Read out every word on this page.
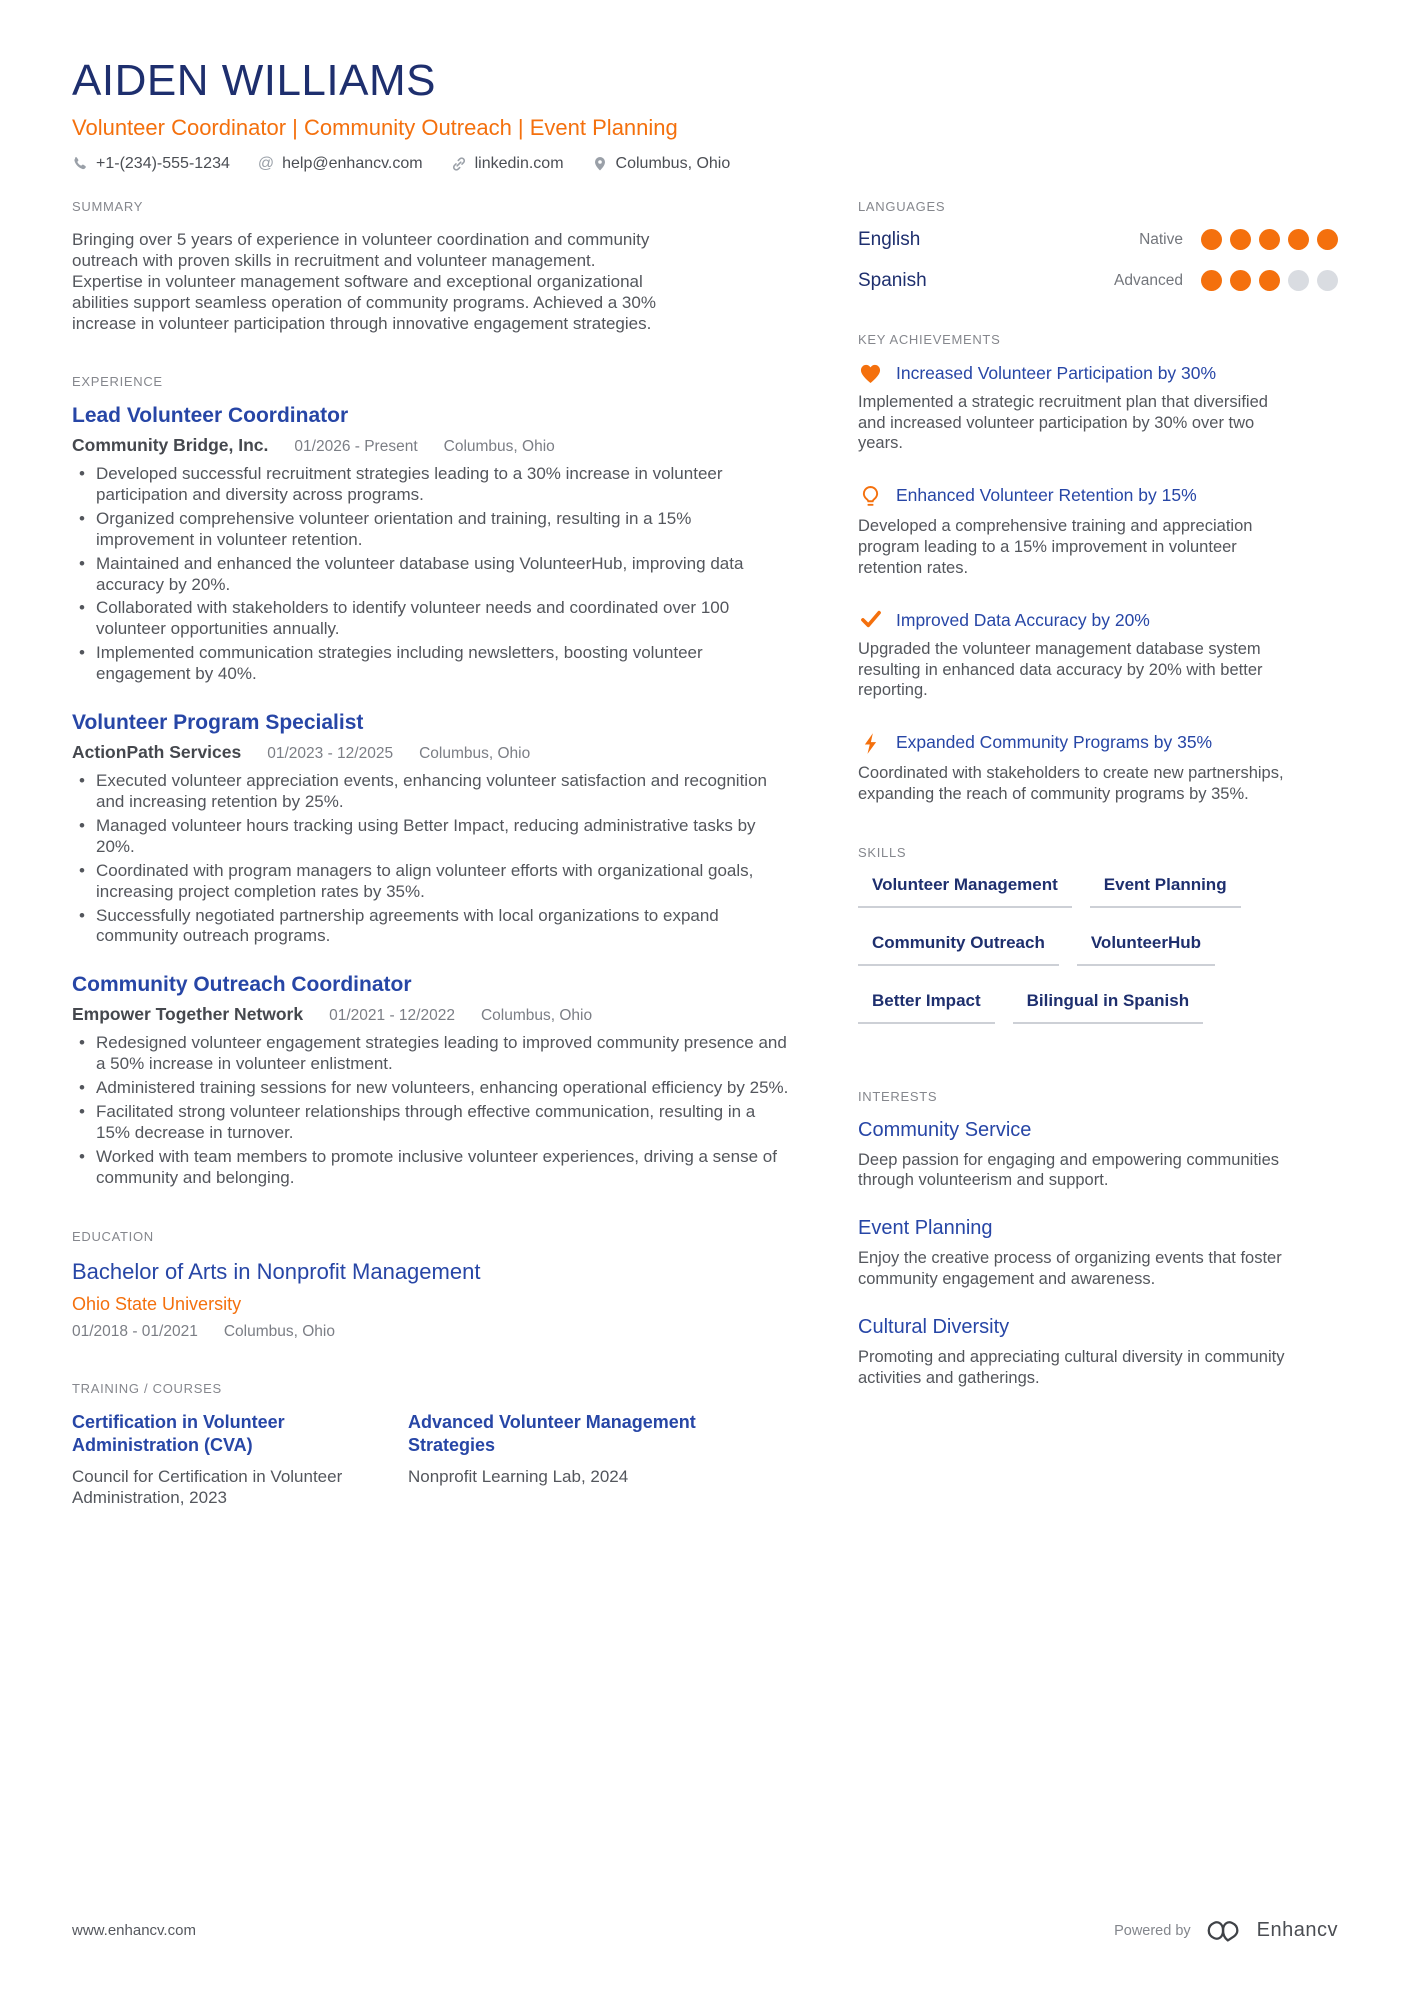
AIDEN WILLIAMS
Volunteer Coordinator | Community Outreach | Event Planning
+1-(234)-555-1234 @ help@enhancv.com	linkedin.com	Columbus, Ohio
SUMMARY

Bringing over 5 years of experience in volunteer coordination and community outreach with proven skills in recruitment and volunteer management. Expertise in volunteer management software and exceptional organizational abilities support seamless operation of community programs. Achieved a 30% increase in volunteer participation through innovative engagement strategies.

EXPERIENCE
Lead Volunteer Coordinator
Community Bridge, Inc. 01/2026 - Present Columbus, Ohio
• Developed successful recruitment strategies leading to a 30% increase in volunteer participation and diversity across programs.
• Organized comprehensive volunteer orientation and training, resulting in a 15% improvement in volunteer retention.
• Maintained and enhanced the volunteer database using VolunteerHub, improving data accuracy by 20%.
• Collaborated with stakeholders to identify volunteer needs and coordinated over 100 volunteer opportunities annually.
• Implemented communication strategies including newsletters, boosting volunteer engagement by 40%.
Volunteer Program Specialist
ActionPath Services 01/2023 - 12/2025 Columbus, Ohio
• Executed volunteer appreciation events, enhancing volunteer satisfaction and recognition and increasing retention by 25%.
• Managed volunteer hours tracking using Better Impact, reducing administrative tasks by 20%.
• Coordinated with program managers to align volunteer efforts with organizational goals, increasing project completion rates by 35%.
• Successfully negotiated partnership agreements with local organizations to expand community outreach programs.
Community Outreach Coordinator
Empower Together Network 01/2021 - 12/2022 Columbus, Ohio
• Redesigned volunteer engagement strategies leading to improved community presence and a 50% increase in volunteer enlistment.
• Administered training sessions for new volunteers, enhancing operational efficiency by 25%.
• Facilitated strong volunteer relationships through effective communication, resulting in a 15% decrease in turnover.
• Worked with team members to promote inclusive volunteer experiences, driving a sense of community and belonging.
EDUCATION
Bachelor of Arts in Nonprofit Management
Ohio State University
01/2018 - 01/2021 Columbus, Ohio
TRAINING / COURSES
Certification in Volunteer Administration (CVA)

Council for Certification in Volunteer Administration, 2023

Advanced Volunteer Management Strategies

Nonprofit Learning Lab, 2024

LANGUAGES
English	Native
Spanish	Advanced
KEY ACHIEVEMENTS
Increased Volunteer Participation by 30%

Implemented a strategic recruitment plan that diversified and increased volunteer participation by 30% over two years.

Enhanced Volunteer Retention by 15%

Developed a comprehensive training and appreciation program leading to a 15% improvement in volunteer retention rates.

Improved Data Accuracy by 20%

Upgraded the volunteer management database system resulting in enhanced data accuracy by 20% with better reporting.

Expanded Community Programs by 35%

Coordinated with stakeholders to create new partnerships, expanding the reach of community programs by 35%.

SKILLS
Volunteer Management	Event Planning
Community Outreach	VolunteerHub
Better Impact	Bilingual in Spanish
INTERESTS
Community Service

Deep passion for engaging and empowering communities through volunteerism and support.

Event Planning

Enjoy the creative process of organizing events that foster community engagement and awareness.

Cultural Diversity

Promoting and appreciating cultural diversity in community activities and gatherings.

www.enhancv.com	Powered by	Enhancv
